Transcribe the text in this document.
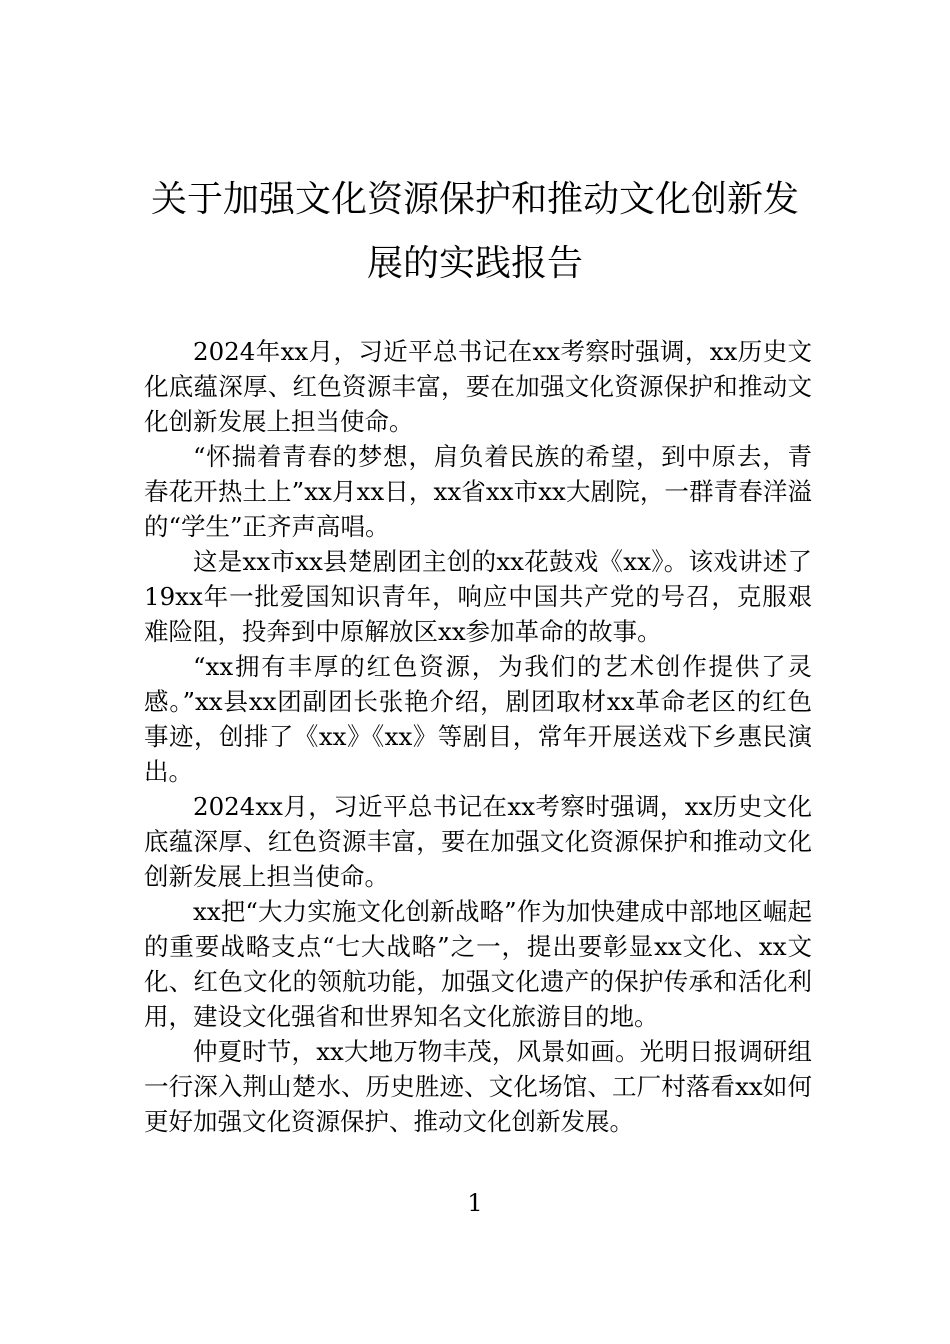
关于加强文化资源保护和推动文化创新发
展的实践报告

2024年xx月，习近平总书记在xx考察时强调，xx历史文化底蕴深厚、红色资源丰富，要在加强文化资源保护和推动文化创新发展上担当使命。

“怀揣着青春的梦想，肩负着民族的希望，到中原去，青春花开热土上”xx月xx日，xx省xx市xx大剧院，一群青春洋溢的“学生”正齐声高唱。

这是xx市xx县楚剧团主创的xx花鼓戏《xx》。该戏讲述了19xx年一批爱国知识青年，响应中国共产党的号召，克服艰难险阻，投奔到中原解放区xx参加革命的故事。

“xx拥有丰厚的红色资源，为我们的艺术创作提供了灵感。”xx县xx团副团长张艳介绍，剧团取材xx革命老区的红色事迹，创排了《xx》《xx》等剧目，常年开展送戏下乡惠民演出。

2024xx月，习近平总书记在xx考察时强调，xx历史文化底蕴深厚、红色资源丰富，要在加强文化资源保护和推动文化创新发展上担当使命。

xx把“大力实施文化创新战略”作为加快建成中部地区崛起的重要战略支点“七大战略”之一，提出要彰显xx文化、xx文化、红色文化的领航功能，加强文化遗产的保护传承和活化利用，建设文化强省和世界知名文化旅游目的地。

仲夏时节，xx大地万物丰茂，风景如画。光明日报调研组一行深入荆山楚水、历史胜迹、文化场馆、工厂村落看xx如何更好加强文化资源保护、推动文化创新发展。

1
